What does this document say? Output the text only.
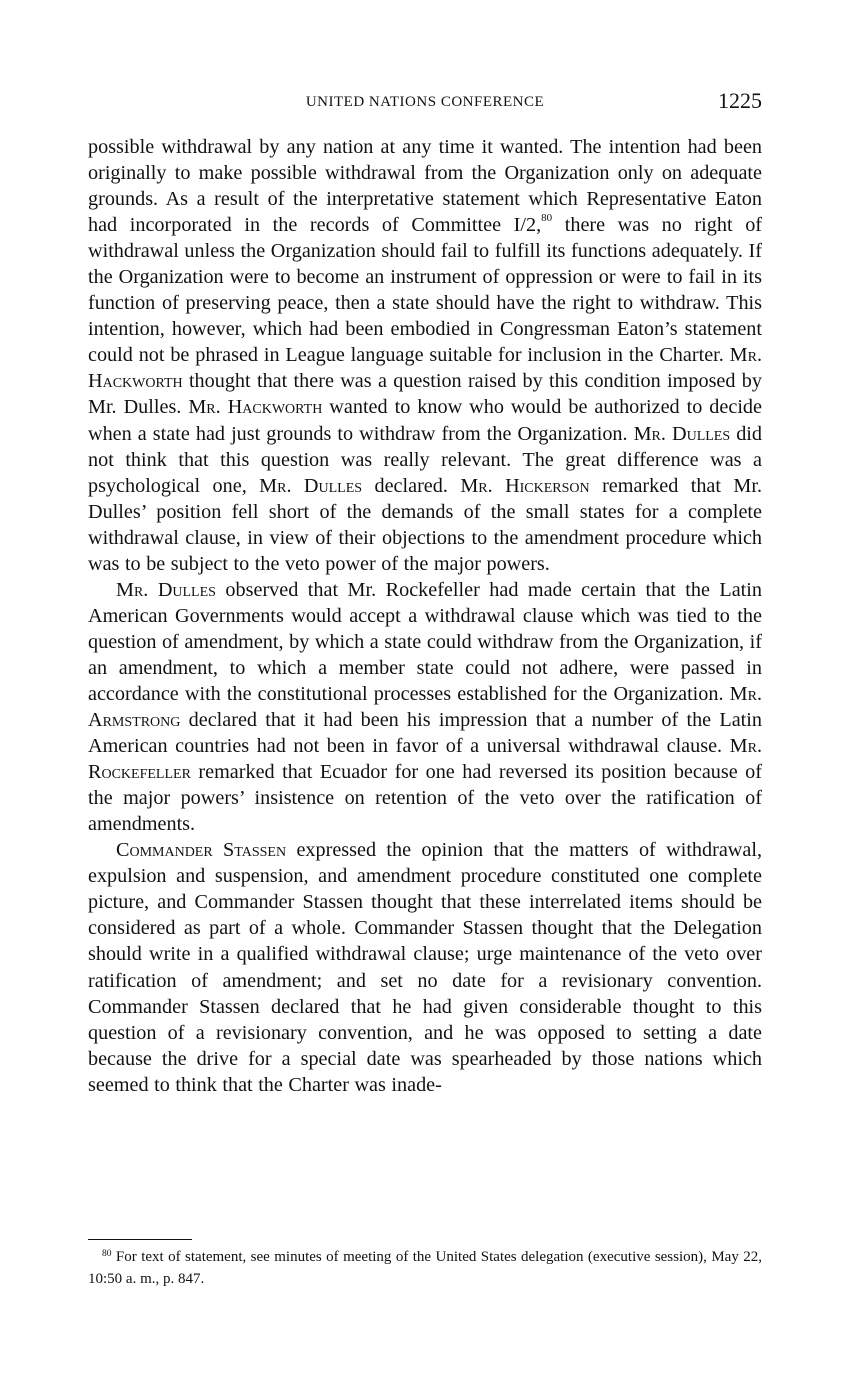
UNITED NATIONS CONFERENCE	1225

possible withdrawal by any nation at any time it wanted. The intention had been originally to make possible withdrawal from the Organization only on adequate grounds. As a result of the interpretative statement which Representative Eaton had incorporated in the records of Committee I/2,80 there was no right of withdrawal unless the Organization should fail to fulfill its functions adequately. If the Organization were to become an instrument of oppression or were to fail in its function of preserving peace, then a state should have the right to withdraw. This intention, however, which had been embodied in Congressman Eaton’s statement could not be phrased in League language suitable for inclusion in the Charter. Mr. Hackworth thought that there was a question raised by this condition imposed by Mr. Dulles. Mr. Hackworth wanted to know who would be authorized to decide when a state had just grounds to withdraw from the Organization. Mr. Dulles did not think that this question was really relevant. The great difference was a psychological one, Mr. Dulles declared. Mr. Hickerson remarked that Mr. Dulles’ position fell short of the demands of the small states for a complete withdrawal clause, in view of their objections to the amendment procedure which was to be subject to the veto power of the major powers.

Mr. Dulles observed that Mr. Rockefeller had made certain that the Latin American Governments would accept a withdrawal clause which was tied to the question of amendment, by which a state could withdraw from the Organization, if an amendment, to which a member state could not adhere, were passed in accordance with the constitutional processes established for the Organization. Mr. Armstrong declared that it had been his impression that a number of the Latin American countries had not been in favor of a universal withdrawal clause. Mr. Rockefeller remarked that Ecuador for one had reversed its position because of the major powers’ insistence on retention of the veto over the ratification of amendments.

Commander Stassen expressed the opinion that the matters of withdrawal, expulsion and suspension, and amendment procedure constituted one complete picture, and Commander Stassen thought that these interrelated items should be considered as part of a whole. Commander Stassen thought that the Delegation should write in a qualified withdrawal clause; urge maintenance of the veto over ratification of amendment; and set no date for a revisionary convention. Commander Stassen declared that he had given considerable thought to this question of a revisionary convention, and he was opposed to setting a date because the drive for a special date was spearheaded by those nations which seemed to think that the Charter was inade-

$^{80}$ For text of statement, see minutes of meeting of the United States delegation (executive session), May 22, 10:50 a. m., p. 847.
